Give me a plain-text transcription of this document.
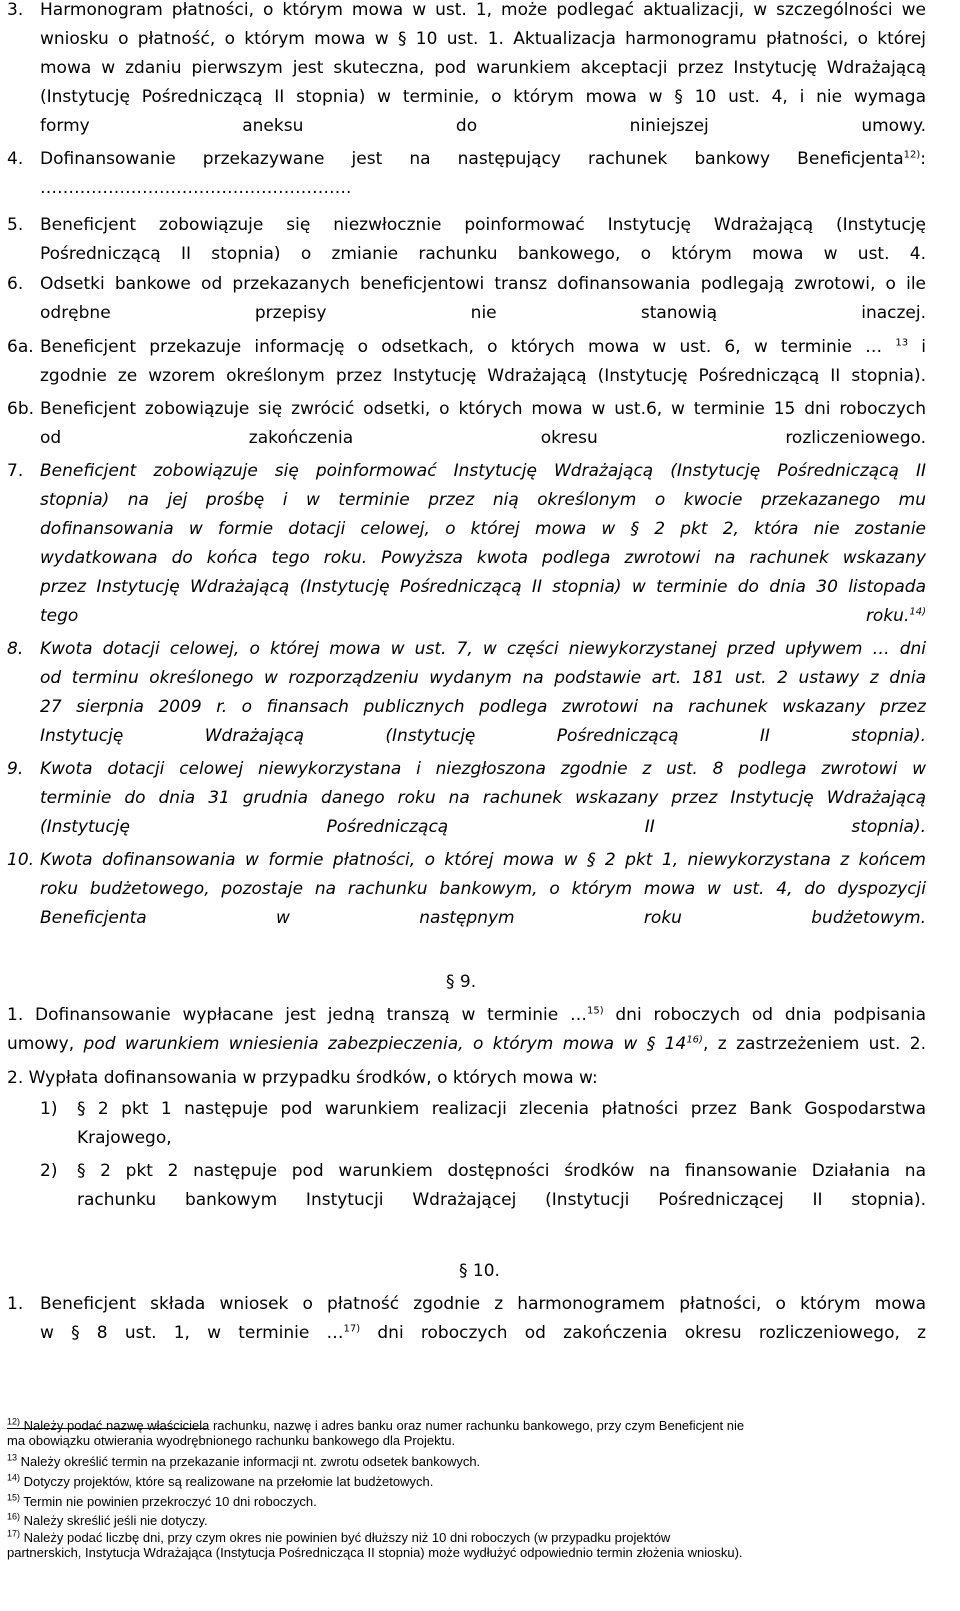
3. Harmonogram płatności, o którym mowa w ust. 1, może podlegać aktualizacji, w szczególności we
wniosku o płatność, o którym mowa w § 10 ust. 1. Aktualizacja harmonogramu płatności, o której
mowa w zdaniu pierwszym jest skuteczna, pod warunkiem akceptacji przez Instytucję Wdrażającą
(Instytucję Pośredniczącą II stopnia) w terminie, o którym mowa w § 10 ust. 4, i nie wymaga
formy aneksu do niniejszej umowy.
4. Dofinansowanie przekazywane jest na następujący rachunek bankowy Beneficjenta$^{12)}$:
……………………………………………….
5. Beneficjent zobowiązuje się niezwłocznie poinformować Instytucję Wdrażającą (Instytucję
Pośredniczącą II stopnia) o zmianie rachunku bankowego, o którym mowa w ust. 4.
6. Odsetki bankowe od przekazanych beneficjentowi transz dofinansowania podlegają zwrotowi, o ile
odrębne przepisy nie stanowią inaczej.
6a. Beneficjent przekazuje informację o odsetkach, o których mowa w ust. 6, w terminie … $^{13}$ i
zgodnie ze wzorem określonym przez Instytucję Wdrażającą (Instytucję Pośredniczącą II stopnia).
6b. Beneficjent zobowiązuje się zwrócić odsetki, o których mowa w ust.6, w terminie 15 dni roboczych
od zakończenia okresu rozliczeniowego.
7. Beneficjent zobowiązuje się poinformować Instytucję Wdrażającą (Instytucję Pośredniczącą II
stopnia) na jej prośbę i w terminie przez nią określonym o kwocie przekazanego mu
dofinansowania w formie dotacji celowej, o której mowa w § 2 pkt 2, która nie zostanie
wydatkowana do końca tego roku. Powyższa kwota podlega zwrotowi na rachunek wskazany
przez Instytucję Wdrażającą (Instytucję Pośredniczącą II stopnia) w terminie do dnia 30 listopada
tego roku.$^{14)}$
8. Kwota dotacji celowej, o której mowa w ust. 7, w części niewykorzystanej przed upływem … dni
od terminu określonego w rozporządzeniu wydanym na podstawie art. 181 ust. 2 ustawy z dnia
27 sierpnia 2009 r. o finansach publicznych podlega zwrotowi na rachunek wskazany przez
Instytucję Wdrażającą (Instytucję Pośredniczącą II stopnia).
9. Kwota dotacji celowej niewykorzystana i niezgłoszona zgodnie z ust. 8 podlega zwrotowi w
terminie do dnia 31 grudnia danego roku na rachunek wskazany przez Instytucję Wdrażającą
(Instytucję Pośredniczącą II stopnia).
10. Kwota dofinansowania w formie płatności, o której mowa w § 2 pkt 1, niewykorzystana z końcem
roku budżetowego, pozostaje na rachunku bankowym, o którym mowa w ust. 4, do dyspozycji
Beneficjenta w następnym roku budżetowym.
§ 9.
1. Dofinansowanie wypłacane jest jedną transzą w terminie …$^{15)}$ dni roboczych od dnia podpisania
umowy, pod warunkiem wniesienia zabezpieczenia, o którym mowa w § 14$^{16)}$, z zastrzeżeniem ust. 2.
2. Wypłata dofinansowania w przypadku środków, o których mowa w:
1) § 2 pkt 1 następuje pod warunkiem realizacji zlecenia płatności przez Bank Gospodarstwa
Krajowego,
2) § 2 pkt 2 następuje pod warunkiem dostępności środków na finansowanie Działania na
rachunku bankowym Instytucji Wdrażającej (Instytucji Pośredniczącej II stopnia).
§ 10.
1. Beneficjent składa wniosek o płatność zgodnie z harmonogramem płatności, o którym mowa
w § 8 ust. 1, w terminie …$^{17)}$ dni roboczych od zakończenia okresu rozliczeniowego, z
$^{12)}$ Należy podać nazwę właściciela rachunku, nazwę i adres banku oraz numer rachunku bankowego, przy czym Beneficjent nie
ma obowiązku otwierania wyodrębnionego rachunku bankowego dla Projektu.
$^{13}$ Należy określić termin na przekazanie informacji nt. zwrotu odsetek bankowych.
$^{14)}$ Dotyczy projektów, które są realizowane na przełomie lat budżetowych.
$^{15)}$ Termin nie powinien przekroczyć 10 dni roboczych.
$^{16)}$ Należy skreślić jeśli nie dotyczy.
$^{17)}$ Należy podać liczbę dni, przy czym okres nie powinien być dłuższy niż 10 dni roboczych (w przypadku projektów
partnerskich, Instytucja Wdrażająca (Instytucja Pośrednicząca II stopnia) może wydłużyć odpowiednio termin złożenia wniosku).
